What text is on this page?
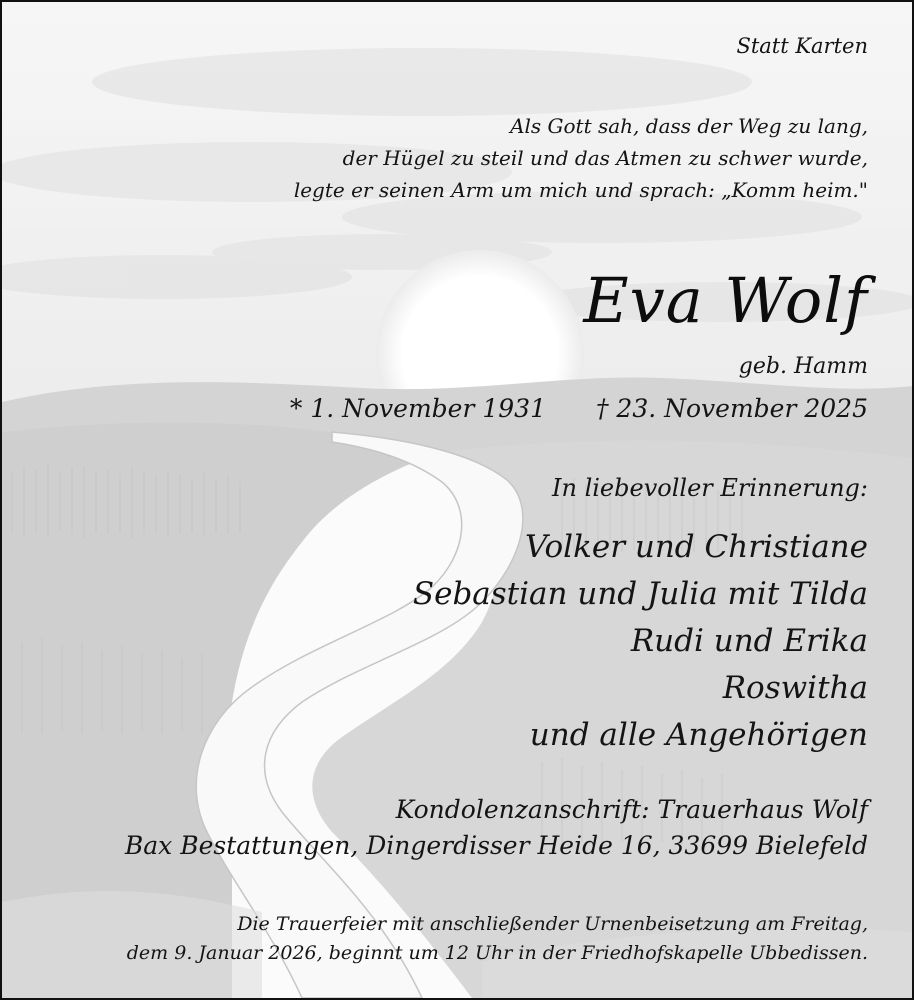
Statt Karten
Als Gott sah, dass der Weg zu lang,
der Hügel zu steil und das Atmen zu schwer wurde,
legte er seinen Arm um mich und sprach: „Komm heim."
Eva Wolf
geb. Hamm
* 1. November 1931 † 23. November 2025
In liebevoller Erinnerung:
Volker und Christiane
Sebastian und Julia mit Tilda
Rudi und Erika
Roswitha
und alle Angehörigen
Kondolenzanschrift: Trauerhaus Wolf
Bax Bestattungen, Dingerdisser Heide 16, 33699 Bielefeld
Die Trauerfeier mit anschließender Urnenbeisetzung am Freitag,
dem 9. Januar 2026, beginnt um 12 Uhr in der Friedhofskapelle Ubbedissen.
